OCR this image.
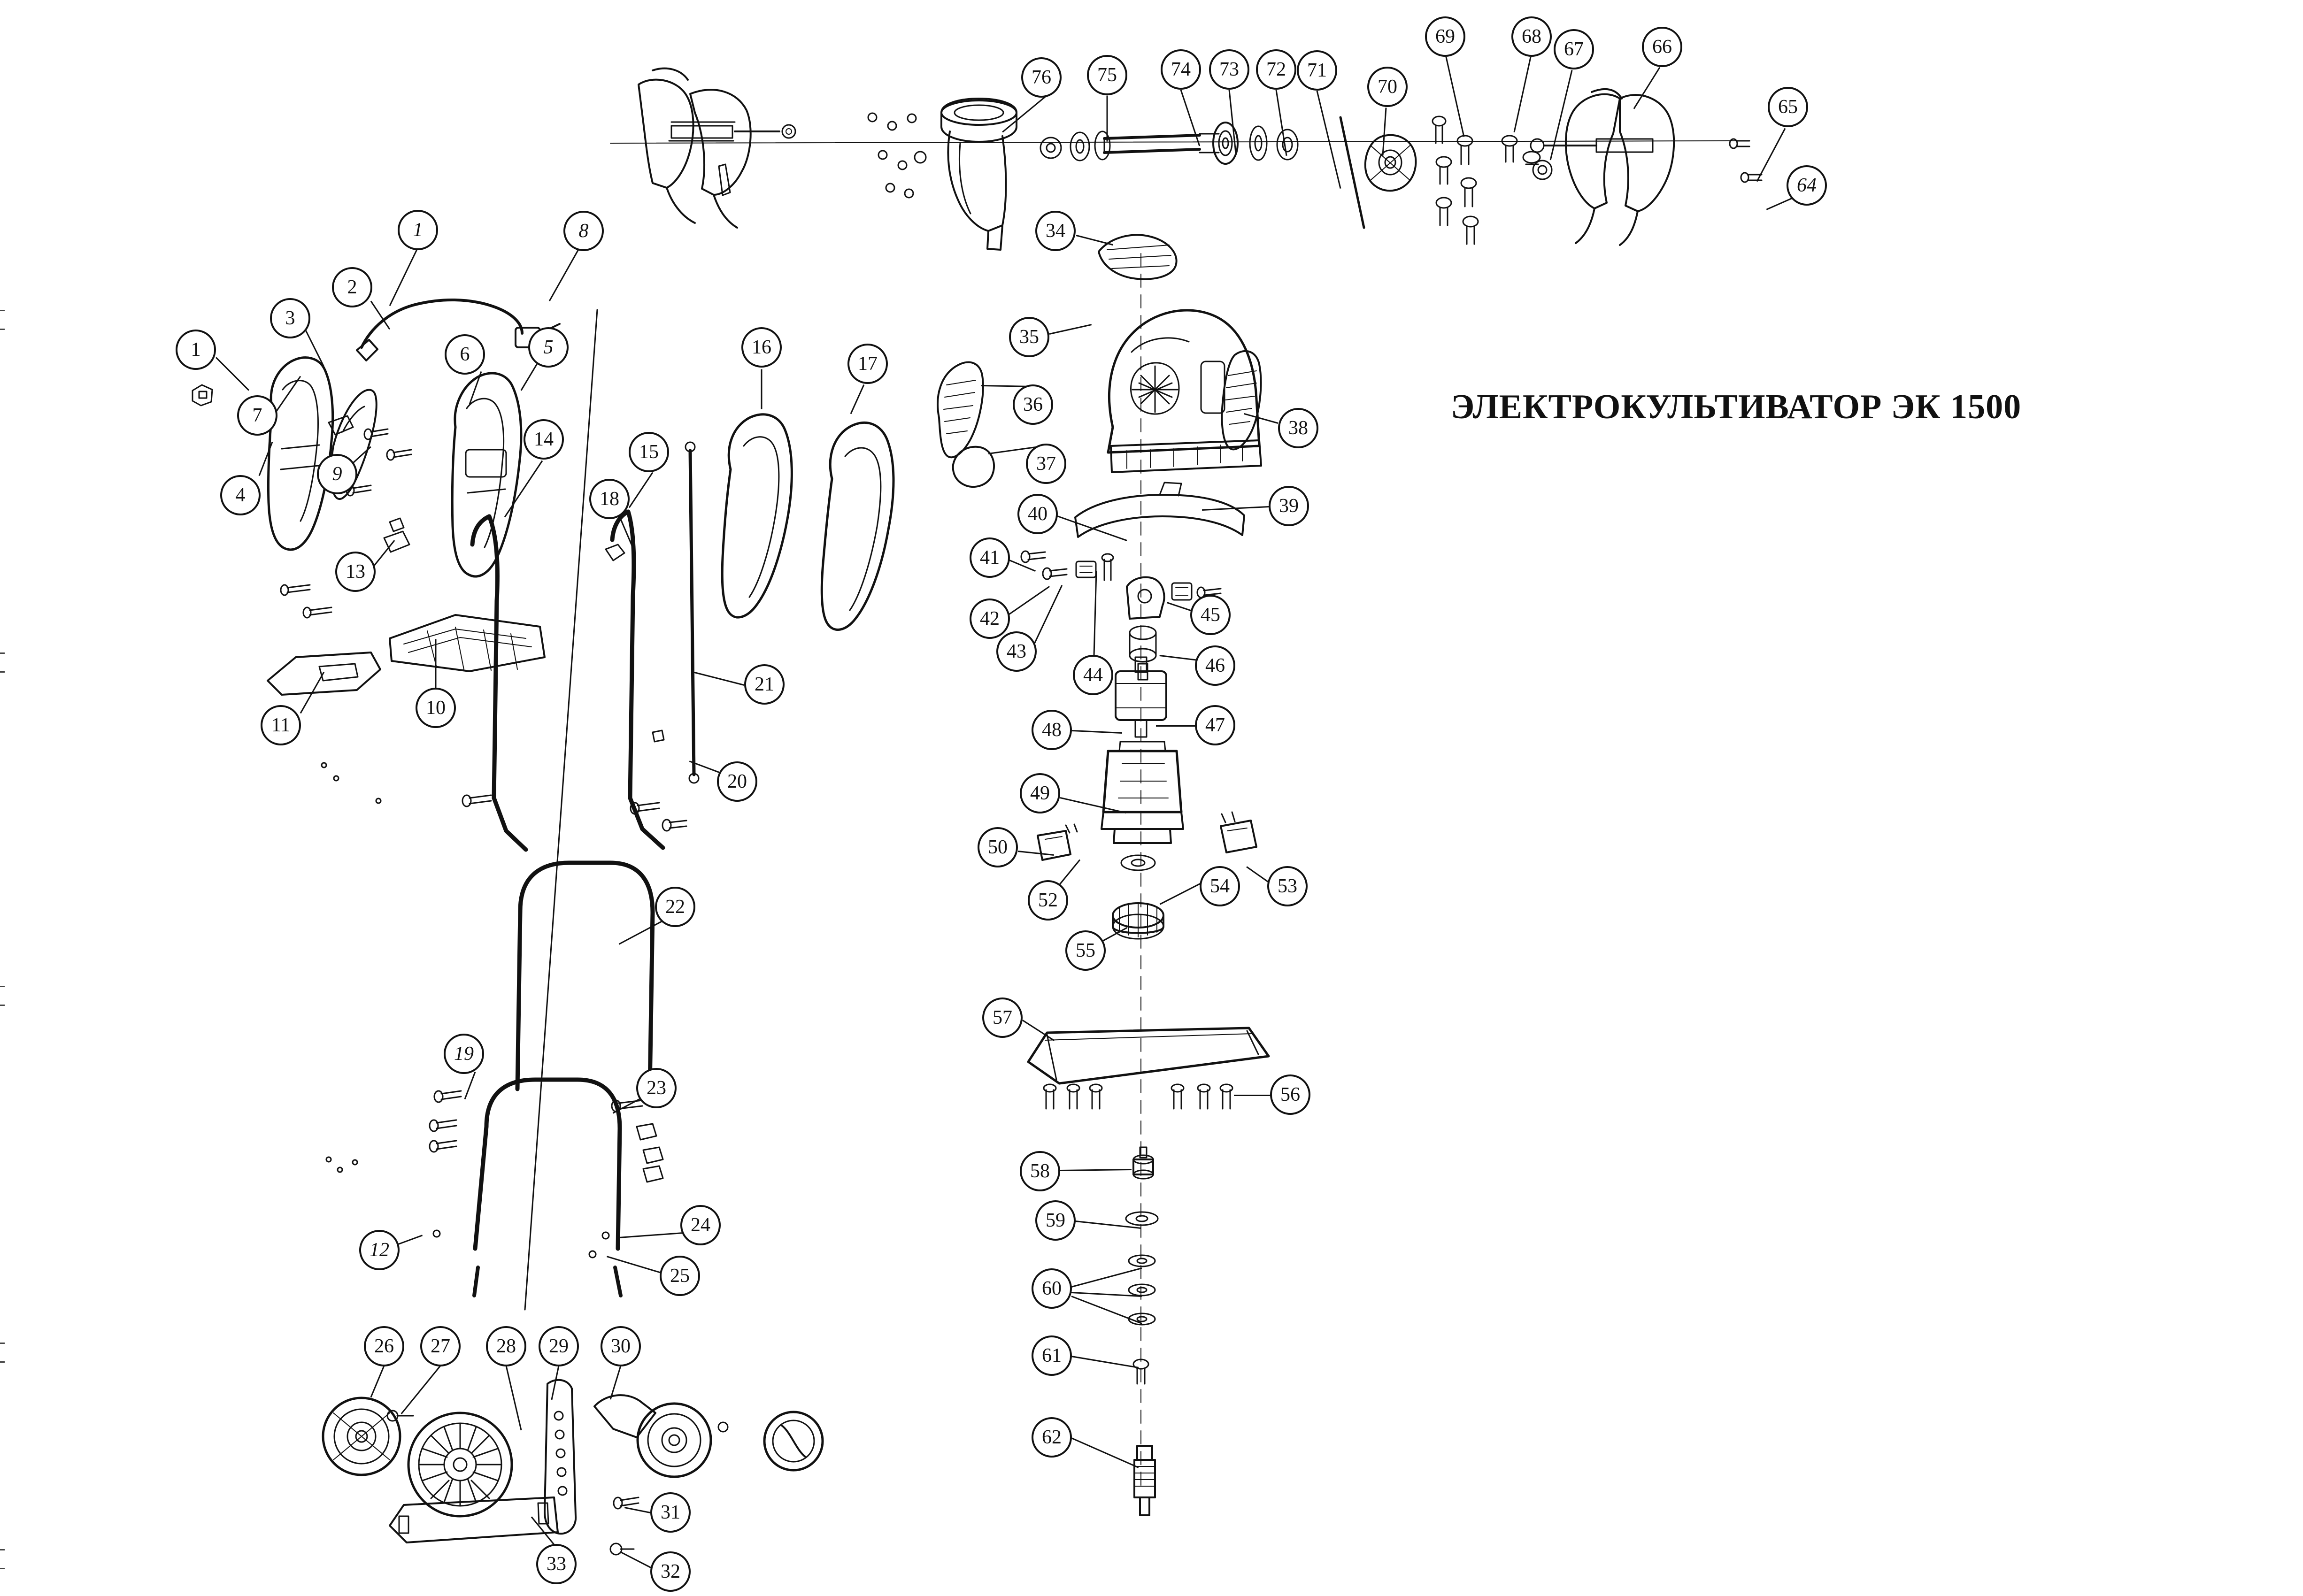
1
1
2
3
4
5
6
7
8
9
10
11
12
13
14
15
16
17
18
19
20
21
22
23
24
25
26	27	28	29	30
31
32
33
34
35
36
37
38
39
40
41
42
43
44
45
46
47
48
49
50
52
53
54
55
56
57
58
59
60
61
62
64
65
66
67
68
69
70
71
72
73
74
75
76
ЭЛЕКТРОКУЛЬТИВАТОР ЭК 1500
